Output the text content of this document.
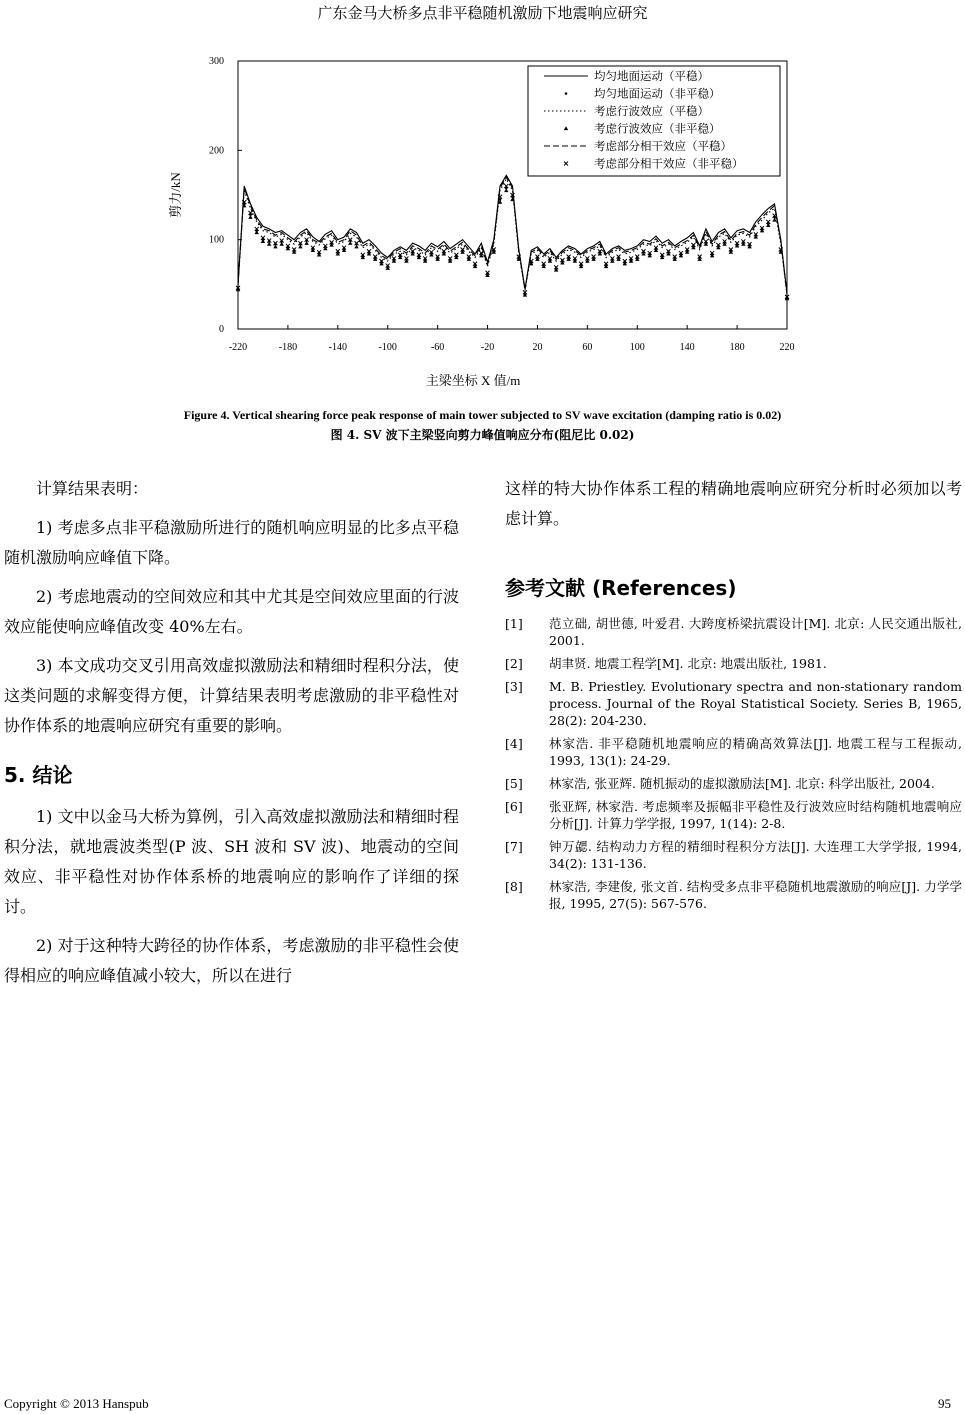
广东金马大桥多点非平稳随机激励下地震响应研究
0
100
200
300
-220	-180	-140	-100	-60	-20	20	60	100	140	180	220
剪力/kN
主梁坐标 X 值/m
均匀地面运动（平稳）
均匀地面运动（非平稳）
考虑行波效应（平稳）
考虑行波效应（非平稳）
考虑部分相干效应（平稳）
考虑部分相干效应（非平稳）
Figure 4. Vertical shearing force peak response of main tower subjected to SV wave excitation (damping ratio is 0.02)
图 4. SV 波下主梁竖向剪力峰值响应分布(阻尼比 0.02)

计算结果表明：

1) 考虑多点非平稳激励所进行的随机响应明显的比多点平稳随机激励响应峰值下降。

2) 考虑地震动的空间效应和其中尤其是空间效应里面的行波效应能使响应峰值改变 40%左右。

3) 本文成功交叉引用高效虚拟激励法和精细时程积分法，使这类问题的求解变得方便，计算结果表明考虑激励的非平稳性对协作体系的地震响应研究有重要的影响。

5. 结论

1) 文中以金马大桥为算例，引入高效虚拟激励法和精细时程积分法，就地震波类型(P 波、SH 波和 SV 波)、地震动的空间效应、非平稳性对协作体系桥的地震响应的影响作了详细的探讨。

2) 对于这种特大跨径的协作体系，考虑激励的非平稳性会使得相应的响应峰值减小较大，所以在进行

这样的特大协作体系工程的精确地震响应研究分析时必须加以考虑计算。

参考文献 (References)
[1]	范立础, 胡世德, 叶爱君. 大跨度桥梁抗震设计[M]. 北京: 人民交通出版社, 2001.
[2]	胡聿贤. 地震工程学[M]. 北京: 地震出版社, 1981.
[3]	M. B. Priestley. Evolutionary spectra and non-stationary random process. Journal of the Royal Statistical Society. Series B, 1965, 28(2): 204-230.
[4]	林家浩. 非平稳随机地震响应的精确高效算法[J]. 地震工程与工程振动, 1993, 13(1): 24-29.
[5]	林家浩, 张亚辉. 随机振动的虚拟激励法[M]. 北京: 科学出版社, 2004.
[6]	张亚辉, 林家浩. 考虑频率及振幅非平稳性及行波效应时结构随机地震响应分析[J]. 计算力学学报, 1997, 1(14): 2-8.
[7]	钟万勰. 结构动力方程的精细时程积分方法[J]. 大连理工大学学报, 1994, 34(2): 131-136.
[8]	林家浩, 李建俊, 张文首. 结构受多点非平稳随机地震激励的响应[J]. 力学学报, 1995, 27(5): 567-576.
Copyright © 2013 Hanspub	95
